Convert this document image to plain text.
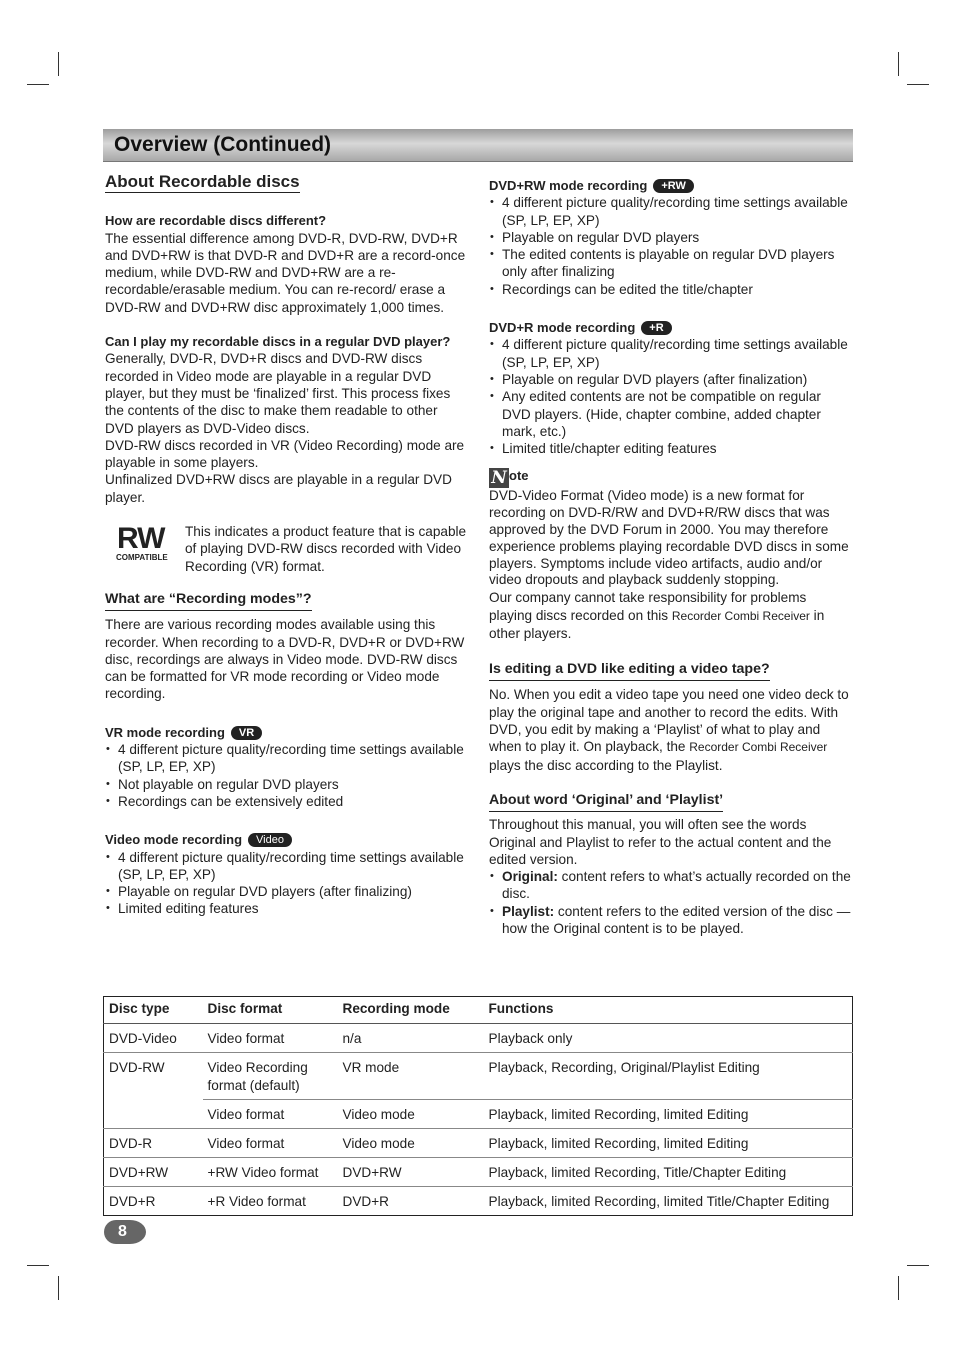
Overview (Continued)
About Recordable discs

How are recordable discs different?

The essential difference among DVD-R, DVD-RW, DVD+R and DVD+RW is that DVD-R and DVD+R are a record-once medium, while DVD-RW and DVD+RW are a re-recordable/erasable medium. You can re-record/ erase a DVD-RW and DVD+RW disc approximately 1,000 times.

Can I play my recordable discs in a regular DVD player?

Generally, DVD-R, DVD+R discs and DVD-RW discs recorded in Video mode are playable in a regular DVD player, but they must be ‘finalized’ first. This process fixes the contents of the disc to make them readable to other DVD players as DVD-Video discs.

DVD-RW discs recorded in VR (Video Recording) mode are playable in some players.

Unfinalized DVD+RW discs are playable in a regular DVD player.

RW
COMPATIBLE

This indicates a product feature that is capable of playing DVD-RW discs recorded with Video Recording (VR) format.

What are “Recording modes”?

There are various recording modes available using this recorder. When recording to a DVD-R, DVD+R or DVD+RW disc, recordings are always in Video mode. DVD-RW discs can be formatted for VR mode recording or Video mode recording.

VR mode recording VR

• 4 different picture quality/recording time settings available (SP, LP, EP, XP)
• Not playable on regular DVD players
• Recordings can be extensively edited

Video mode recording Video

• 4 different picture quality/recording time settings available (SP, LP, EP, XP)
• Playable on regular DVD players (after finalizing)
• Limited editing features

DVD+RW mode recording +RW

• 4 different picture quality/recording time settings available (SP, LP, EP, XP)
• Playable on regular DVD players
• The edited contents is playable on regular DVD players only after finalizing
• Recordings can be edited the title/chapter

DVD+R mode recording +R

• 4 different picture quality/recording time settings available (SP, LP, EP, XP)
• Playable on regular DVD players (after finalization)
• Any edited contents are not be compatible on regular DVD players. (Hide, chapter combine, added chapter mark, etc.)
• Limited title/chapter editing features

N ote

DVD-Video Format (Video mode) is a new format for recording on DVD-R/RW and DVD+R/RW discs that was approved by the DVD Forum in 2000. You may therefore experience problems playing recordable DVD discs in some players. Symptoms include video artifacts, audio and/or video dropouts and playback suddenly stopping.

Our company cannot take responsibility for problems playing discs recorded on this Recorder Combi Receiver in other players.

Is editing a DVD like editing a video tape?

No. When you edit a video tape you need one video deck to play the original tape and another to record the edits. With DVD, you edit by making a ‘Playlist’ of what to play and when to play it. On playback, the Recorder Combi Receiver plays the disc according to the Playlist.

About word ‘Original’ and ‘Playlist’

Throughout this manual, you will often see the words Original and Playlist to refer to the actual content and the edited version.

• Original: content refers to what’s actually recorded on the disc.
• Playlist: content refers to the edited version of the disc — how the Original content is to be played.
Disc type	Disc format	Recording mode	Functions
DVD-Video	Video format	n/a	Playback only
DVD-RW	Video Recording format (default)	VR mode	Playback, Recording, Original/Playlist Editing
	Video format	Video mode	Playback, limited Recording, limited Editing
DVD-R	Video format	Video mode	Playback, limited Recording, limited Editing
DVD+RW	+RW Video format	DVD+RW	Playback, limited Recording, Title/Chapter Editing
DVD+R	+R Video format	DVD+R	Playback, limited Recording, limited Title/Chapter Editing
8
